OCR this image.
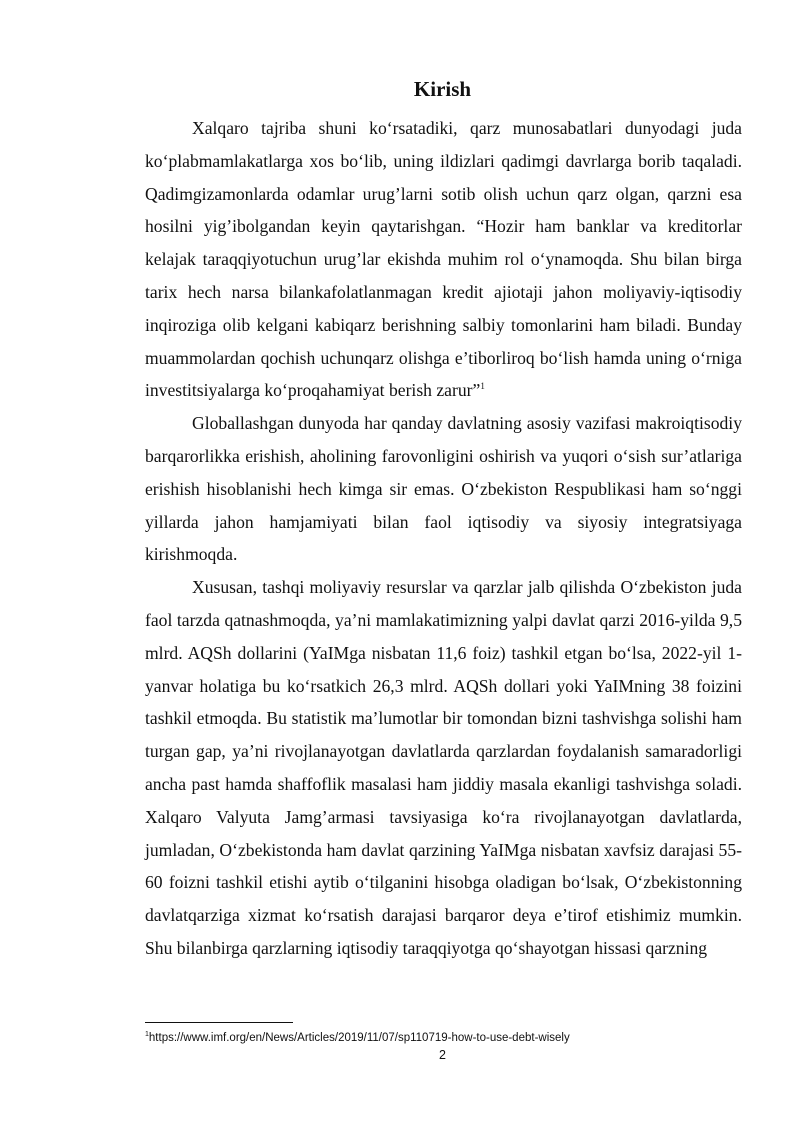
Kirish

Xalqaro tajriba shuni koʻrsatadiki, qarz munosabatlari dunyodagi juda koʻplabmamlakatlarga xos boʻlib, uning ildizlari qadimgi davrlarga borib taqaladi. Qadimgizamonlarda odamlar urug’larni sotib olish uchun qarz olgan, qarzni esa hosilni yig’ibolgandan keyin qaytarishgan. “Hozir ham banklar va kreditorlar kelajak taraqqiyotuchun urug’lar ekishda muhim rol oʻynamoqda. Shu bilan birga tarix hech narsa bilankafolatlanmagan kredit ajiotaji jahon moliyaviy-iqtisodiy inqiroziga olib kelgani kabiqarz berishning salbiy tomonlarini ham biladi. Bunday muammolardan qochish uchunqarz olishga e’tiborliroq boʻlish hamda uning oʻrniga investitsiyalarga koʻproqahamiyat berish zarur”$^1$

Globallashgan dunyoda har qanday davlatning asosiy vazifasi makroiqtisodiy barqarorlikka erishish, aholining farovonligini oshirish va yuqori oʻsish sur’atlariga erishish hisoblanishi hech kimga sir emas. Oʻzbekiston Respublikasi ham soʻnggi yillarda jahon hamjamiyati bilan faol iqtisodiy va siyosiy integratsiyaga kirishmoqda.

Xususan, tashqi moliyaviy resurslar va qarzlar jalb qilishda Oʻzbekiston juda faol tarzda qatnashmoqda, ya’ni mamlakatimizning yalpi davlat qarzi 2016-yilda 9,5 mlrd. AQSh dollarini (YaIMga nisbatan 11,6 foiz) tashkil etgan boʻlsa, 2022-yil 1-yanvar holatiga bu koʻrsatkich 26,3 mlrd. AQSh dollari yoki YaIMning 38 foizini tashkil etmoqda. Bu statistik ma’lumotlar bir tomondan bizni tashvishga solishi ham turgan gap, ya’ni rivojlanayotgan davlatlarda qarzlardan foydalanish samaradorligi ancha past hamda shaffoflik masalasi ham jiddiy masala ekanligi tashvishga soladi. Xalqaro Valyuta Jamg’armasi tavsiyasiga koʻra rivojlanayotgan davlatlarda, jumladan, Oʻzbekistonda ham davlat qarzining YaIMga nisbatan xavfsiz darajasi 55-60 foizni tashkil etishi aytib oʻtilganini hisobga oladigan boʻlsak, Oʻzbekistonning davlatqarziga xizmat koʻrsatish darajasi barqaror deya e’tirof etishimiz mumkin. Shu bilanbirga qarzlarning iqtisodiy taraqqiyotga qoʻshayotgan hissasi qarzning

$^1$https://www.imf.org/en/News/Articles/2019/11/07/sp110719-how-to-use-debt-wisely
2
